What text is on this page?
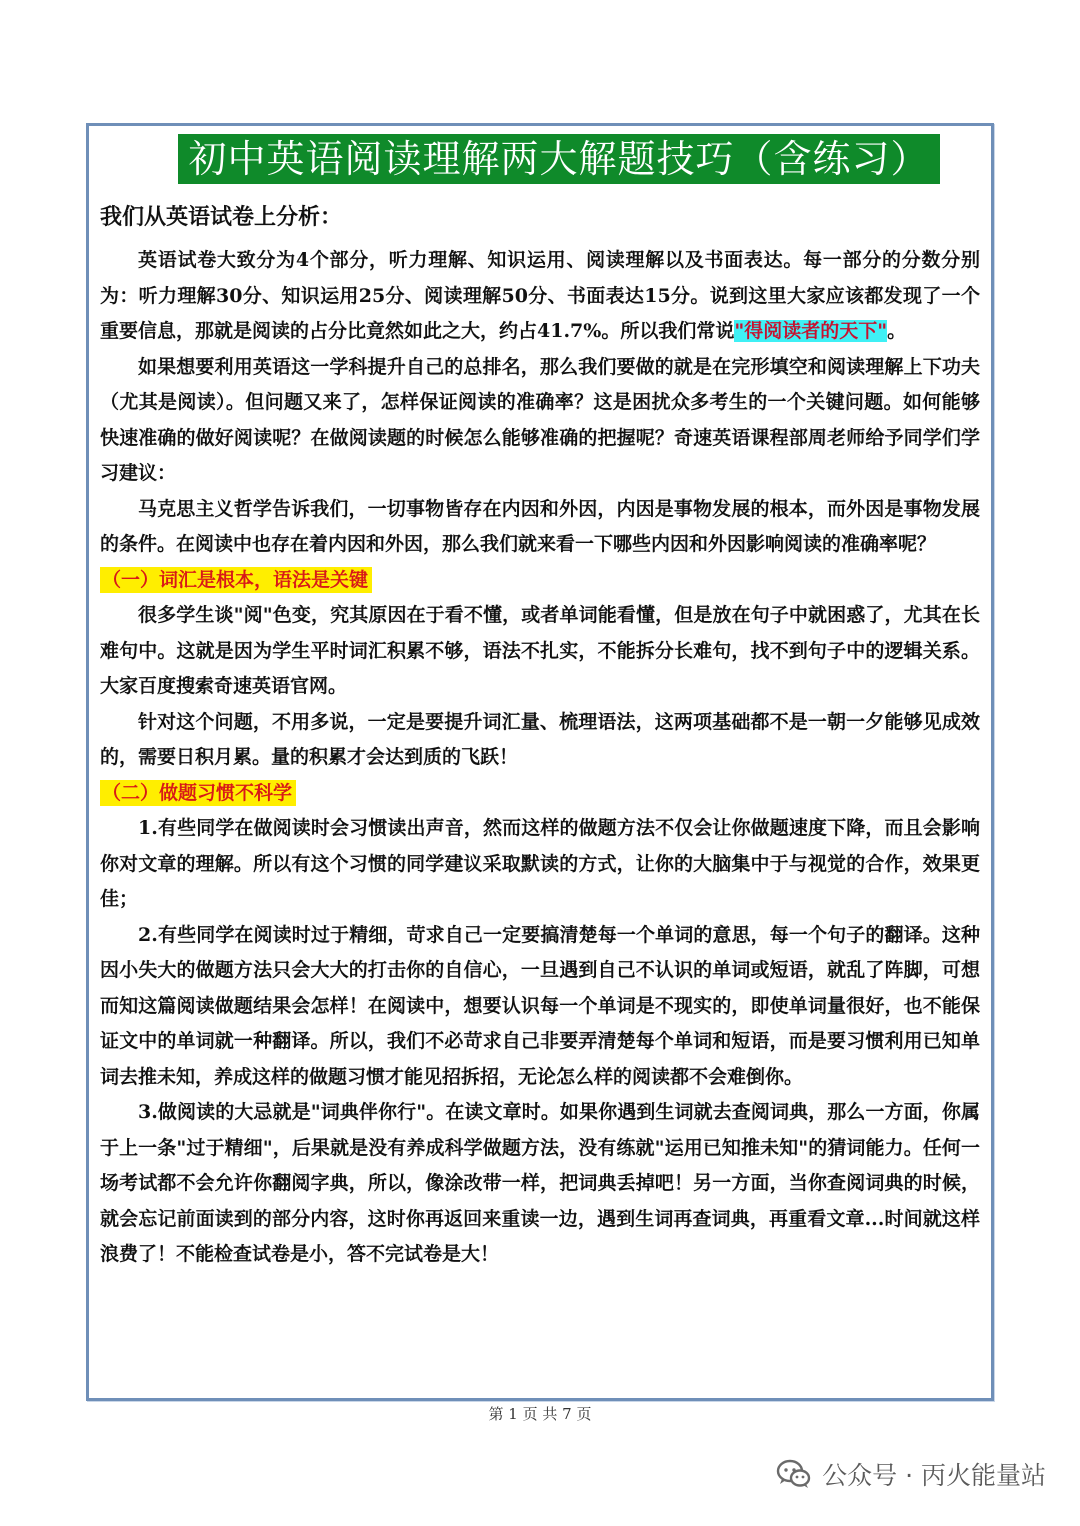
初中英语阅读理解两大解题技巧（含练习）
我们从英语试卷上分析：

英语试卷大致分为4个部分，听力理解、知识运用、阅读理解以及书面表达。每一部分的分数分别为：听力理解30分、知识运用25分、阅读理解50分、书面表达15分。说到这里大家应该都发现了一个重要信息，那就是阅读的占分比竟然如此之大，约占41.7%。所以我们常说"得阅读者的天下"。

如果想要利用英语这一学科提升自己的总排名，那么我们要做的就是在完形填空和阅读理解上下功夫（尤其是阅读）。但问题又来了，怎样保证阅读的准确率？这是困扰众多考生的一个关键问题。如何能够快速准确的做好阅读呢？在做阅读题的时候怎么能够准确的把握呢？奇速英语课程部周老师给予同学们学习建议：

马克思主义哲学告诉我们，一切事物皆存在内因和外因，内因是事物发展的根本，而外因是事物发展的条件。在阅读中也存在着内因和外因，那么我们就来看一下哪些内因和外因影响阅读的准确率呢？

（一）词汇是根本，语法是关键

很多学生谈"阅"色变，究其原因在于看不懂，或者单词能看懂，但是放在句子中就困惑了，尤其在长难句中。这就是因为学生平时词汇积累不够，语法不扎实，不能拆分长难句，找不到句子中的逻辑关系。大家百度搜索奇速英语官网。

针对这个问题，不用多说，一定是要提升词汇量、梳理语法，这两项基础都不是一朝一夕能够见成效的，需要日积月累。量的积累才会达到质的飞跃！

（二）做题习惯不科学

1.有些同学在做阅读时会习惯读出声音，然而这样的做题方法不仅会让你做题速度下降，而且会影响你对文章的理解。所以有这个习惯的同学建议采取默读的方式，让你的大脑集中于与视觉的合作，效果更佳；

2.有些同学在阅读时过于精细，苛求自己一定要搞清楚每一个单词的意思，每一个句子的翻译。这种因小失大的做题方法只会大大的打击你的自信心，一旦遇到自己不认识的单词或短语，就乱了阵脚，可想而知这篇阅读做题结果会怎样！在阅读中，想要认识每一个单词是不现实的，即使单词量很好，也不能保证文中的单词就一种翻译。所以，我们不必苛求自己非要弄清楚每个单词和短语，而是要习惯利用已知单词去推未知，养成这样的做题习惯才能见招拆招，无论怎么样的阅读都不会难倒你。

3.做阅读的大忌就是"词典伴你行"。在读文章时。如果你遇到生词就去查阅词典，那么一方面，你属于上一条"过于精细"，后果就是没有养成科学做题方法，没有练就"运用已知推未知"的猜词能力。任何一场考试都不会允许你翻阅字典，所以，像涂改带一样，把词典丢掉吧！另一方面，当你查阅词典的时候，就会忘记前面读到的部分内容，这时你再返回来重读一边，遇到生词再查词典，再重看文章...时间就这样浪费了！不能检查试卷是小，答不完试卷是大！

第 1 页 共 7 页
公众号 · 丙火能量站
